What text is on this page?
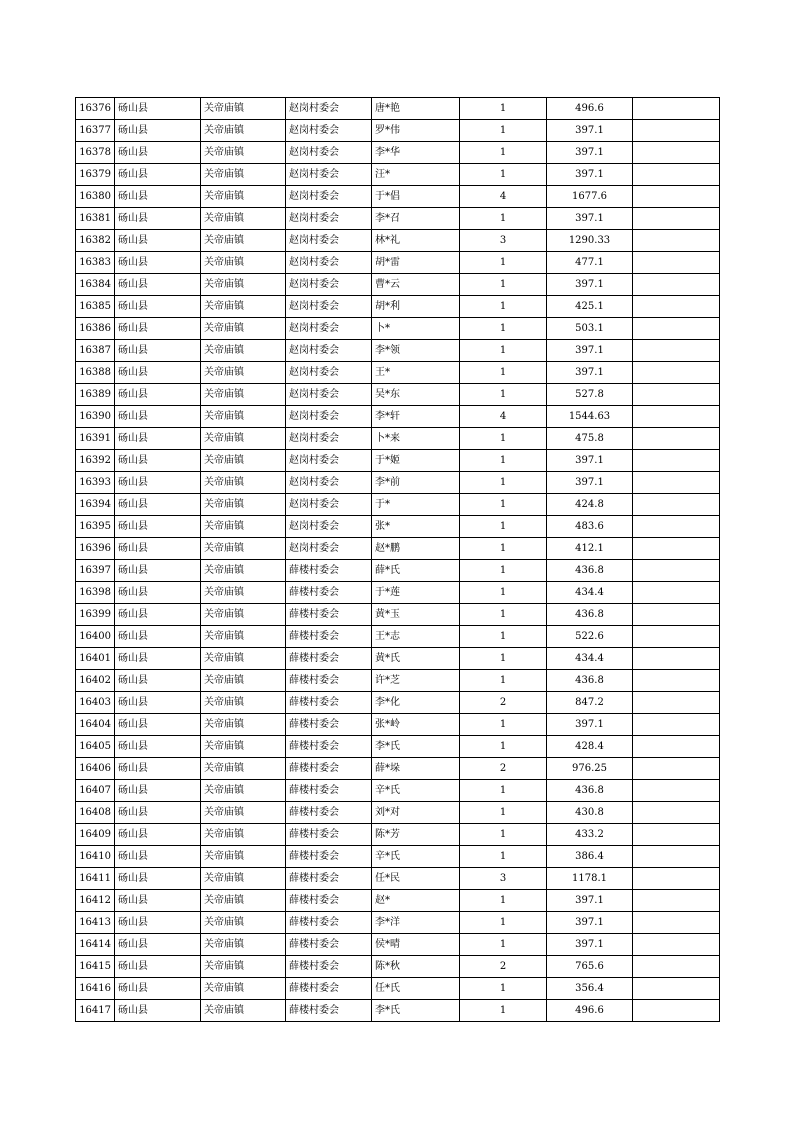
16376	砀山县	关帝庙镇	赵岗村委会	唐*艳	1	496.6	
16377	砀山县	关帝庙镇	赵岗村委会	罗*伟	1	397.1	
16378	砀山县	关帝庙镇	赵岗村委会	李*华	1	397.1	
16379	砀山县	关帝庙镇	赵岗村委会	汪*	1	397.1	
16380	砀山县	关帝庙镇	赵岗村委会	于*倡	4	1677.6	
16381	砀山县	关帝庙镇	赵岗村委会	李*召	1	397.1	
16382	砀山县	关帝庙镇	赵岗村委会	林*礼	3	1290.33	
16383	砀山县	关帝庙镇	赵岗村委会	胡*雷	1	477.1	
16384	砀山县	关帝庙镇	赵岗村委会	曹*云	1	397.1	
16385	砀山县	关帝庙镇	赵岗村委会	胡*利	1	425.1	
16386	砀山县	关帝庙镇	赵岗村委会	卜*	1	503.1	
16387	砀山县	关帝庙镇	赵岗村委会	李*领	1	397.1	
16388	砀山县	关帝庙镇	赵岗村委会	王*	1	397.1	
16389	砀山县	关帝庙镇	赵岗村委会	吴*东	1	527.8	
16390	砀山县	关帝庙镇	赵岗村委会	李*轩	4	1544.63	
16391	砀山县	关帝庙镇	赵岗村委会	卜*来	1	475.8	
16392	砀山县	关帝庙镇	赵岗村委会	于*姬	1	397.1	
16393	砀山县	关帝庙镇	赵岗村委会	李*前	1	397.1	
16394	砀山县	关帝庙镇	赵岗村委会	于*	1	424.8	
16395	砀山县	关帝庙镇	赵岗村委会	张*	1	483.6	
16396	砀山县	关帝庙镇	赵岗村委会	赵*鹏	1	412.1	
16397	砀山县	关帝庙镇	薛楼村委会	薛*氏	1	436.8	
16398	砀山县	关帝庙镇	薛楼村委会	于*莲	1	434.4	
16399	砀山县	关帝庙镇	薛楼村委会	黄*玉	1	436.8	
16400	砀山县	关帝庙镇	薛楼村委会	王*志	1	522.6	
16401	砀山县	关帝庙镇	薛楼村委会	黄*氏	1	434.4	
16402	砀山县	关帝庙镇	薛楼村委会	许*芝	1	436.8	
16403	砀山县	关帝庙镇	薛楼村委会	李*化	2	847.2	
16404	砀山县	关帝庙镇	薛楼村委会	张*岭	1	397.1	
16405	砀山县	关帝庙镇	薛楼村委会	李*氏	1	428.4	
16406	砀山县	关帝庙镇	薛楼村委会	薛*垛	2	976.25	
16407	砀山县	关帝庙镇	薛楼村委会	辛*氏	1	436.8	
16408	砀山县	关帝庙镇	薛楼村委会	刘*对	1	430.8	
16409	砀山县	关帝庙镇	薛楼村委会	陈*芳	1	433.2	
16410	砀山县	关帝庙镇	薛楼村委会	辛*氏	1	386.4	
16411	砀山县	关帝庙镇	薛楼村委会	任*民	3	1178.1	
16412	砀山县	关帝庙镇	薛楼村委会	赵*	1	397.1	
16413	砀山县	关帝庙镇	薛楼村委会	李*洋	1	397.1	
16414	砀山县	关帝庙镇	薛楼村委会	侯*晴	1	397.1	
16415	砀山县	关帝庙镇	薛楼村委会	陈*秋	2	765.6	
16416	砀山县	关帝庙镇	薛楼村委会	任*氏	1	356.4	
16417	砀山县	关帝庙镇	薛楼村委会	李*氏	1	496.6	
